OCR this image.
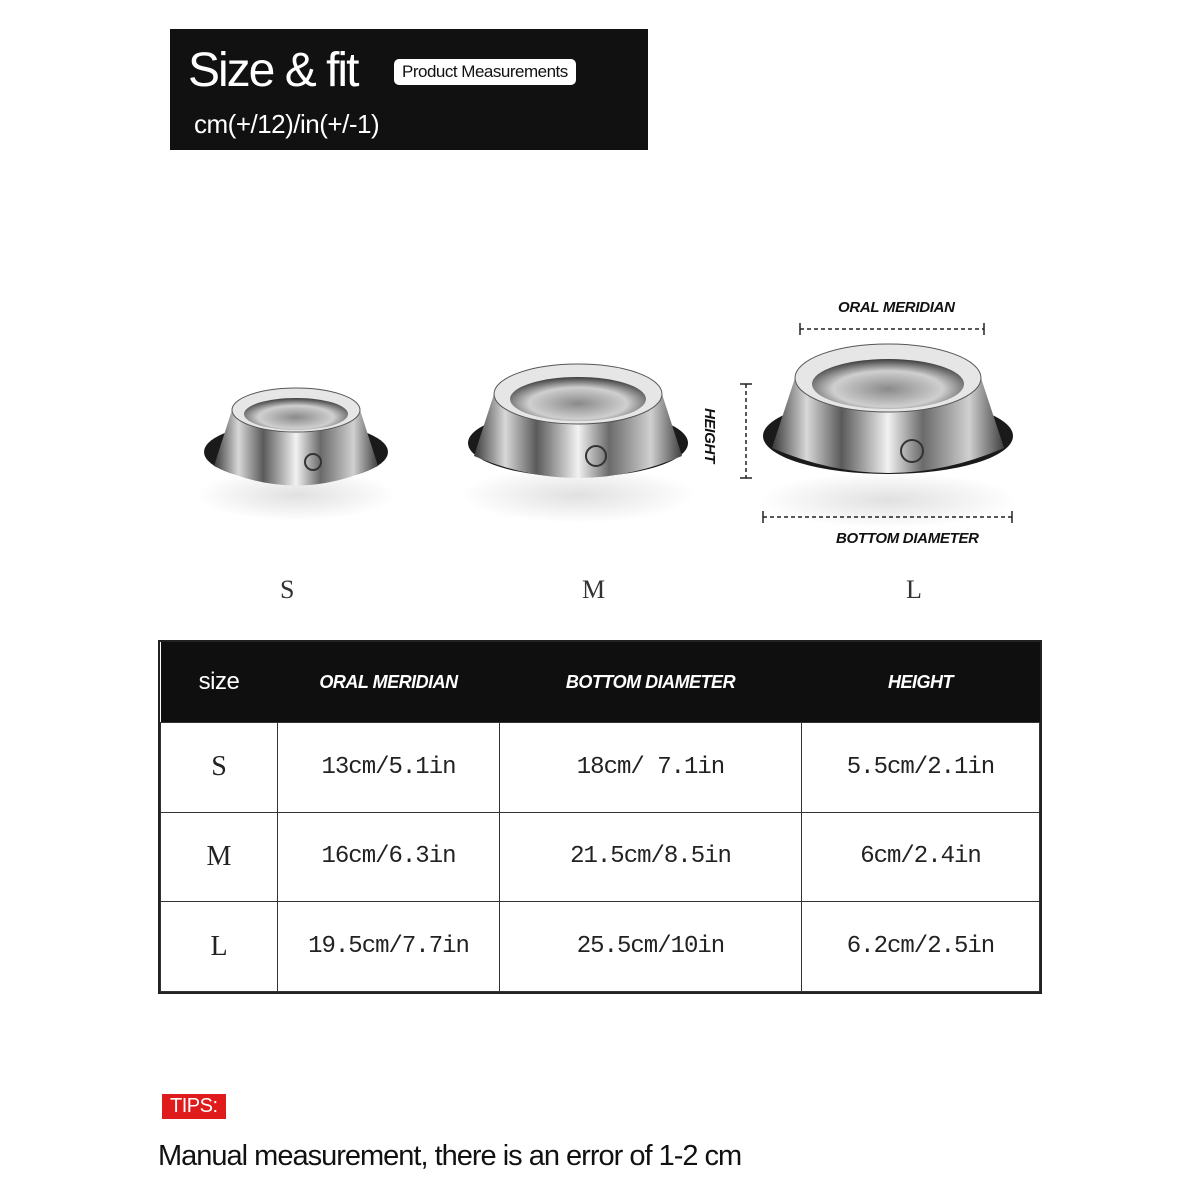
Size & fit	Product Measurements
cm(+/12)/in(+/-1)
ORAL MERIDIAN
HEIGHT
BOTTOM DIAMETER
S	M	L
size	ORAL MERIDIAN	BOTTOM DIAMETER	HEIGHT
S	13cm/5.1in	18cm/ 7.1in	5.5cm/2.1in
M	16cm/6.3in	21.5cm/8.5in	6cm/2.4in
L	19.5cm/7.7in	25.5cm/10in	6.2cm/2.5in
TIPS:
Manual measurement, there is an error of 1-2 cm
